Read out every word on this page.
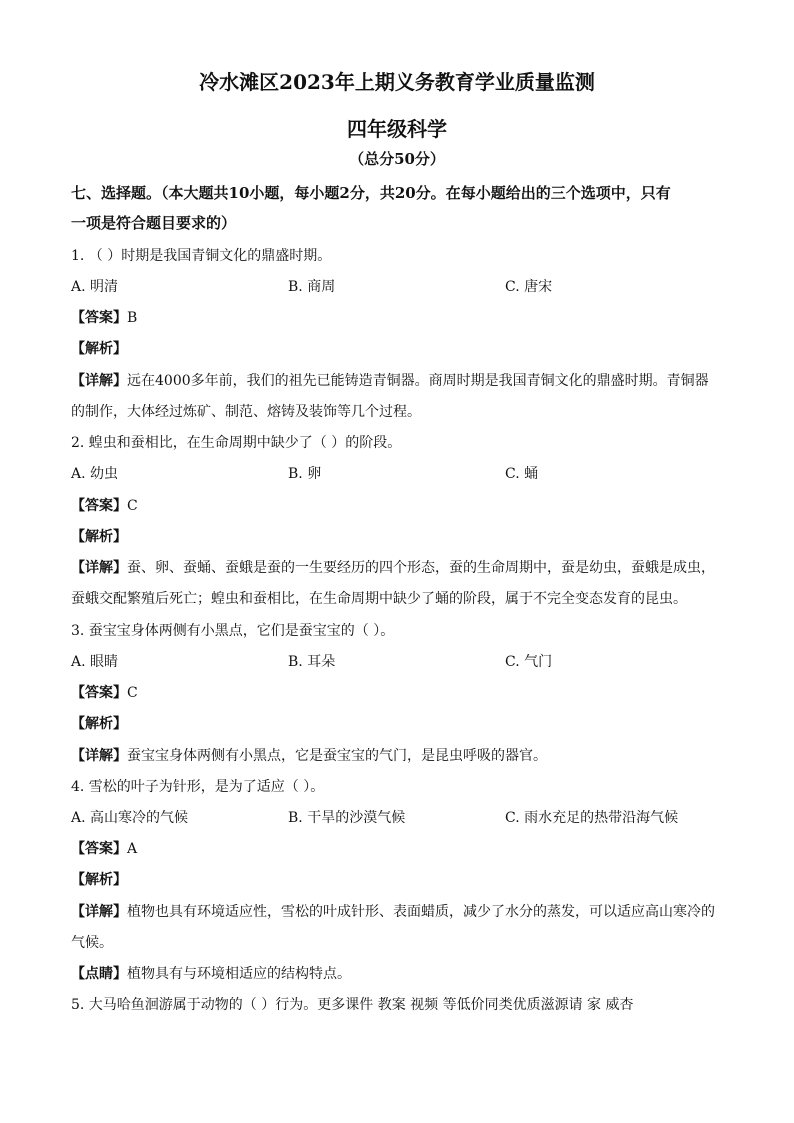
冷水滩区2023年上期义务教育学业质量监测
四年级科学
（总分50分）
七、选择题。（本大题共10小题，每小题2分，共20分。在每小题给出的三个选项中，只有
一项是符合题目要求的）
1. （ ）时期是我国青铜文化的鼎盛时期。
A. 明清	B. 商周	C. 唐宋
【答案】B
【解析】
【详解】远在4000多年前，我们的祖先已能铸造青铜器。商周时期是我国青铜文化的鼎盛时期。青铜器
的制作，大体经过炼矿、制范、熔铸及装饰等几个过程。
2. 蝗虫和蚕相比，在生命周期中缺少了（ ）的阶段。
A. 幼虫	B. 卵	C. 蛹
【答案】C
【解析】
【详解】蚕、卵、蚕蛹、蚕蛾是蚕的一生要经历的四个形态，蚕的生命周期中，蚕是幼虫，蚕蛾是成虫，
蚕蛾交配繁殖后死亡；蝗虫和蚕相比，在生命周期中缺少了蛹的阶段，属于不完全变态发育的昆虫。
3. 蚕宝宝身体两侧有小黑点，它们是蚕宝宝的（ ）。
A. 眼睛	B. 耳朵	C. 气门
【答案】C
【解析】
【详解】蚕宝宝身体两侧有小黑点，它是蚕宝宝的气门，是昆虫呼吸的器官。
4. 雪松的叶子为针形，是为了适应（ ）。
A. 高山寒冷的气候	B. 干旱的沙漠气候	C. 雨水充足的热带沿海气候
【答案】A
【解析】
【详解】植物也具有环境适应性，雪松的叶成针形、表面蜡质，减少了水分的蒸发，可以适应高山寒冷的
气候。
【点睛】植物具有与环境相适应的结构特点。
5. 大马哈鱼洄游属于动物的（ ）行为。更多课件 教案 视频 等低价同类优质滋源请 家 威杏
